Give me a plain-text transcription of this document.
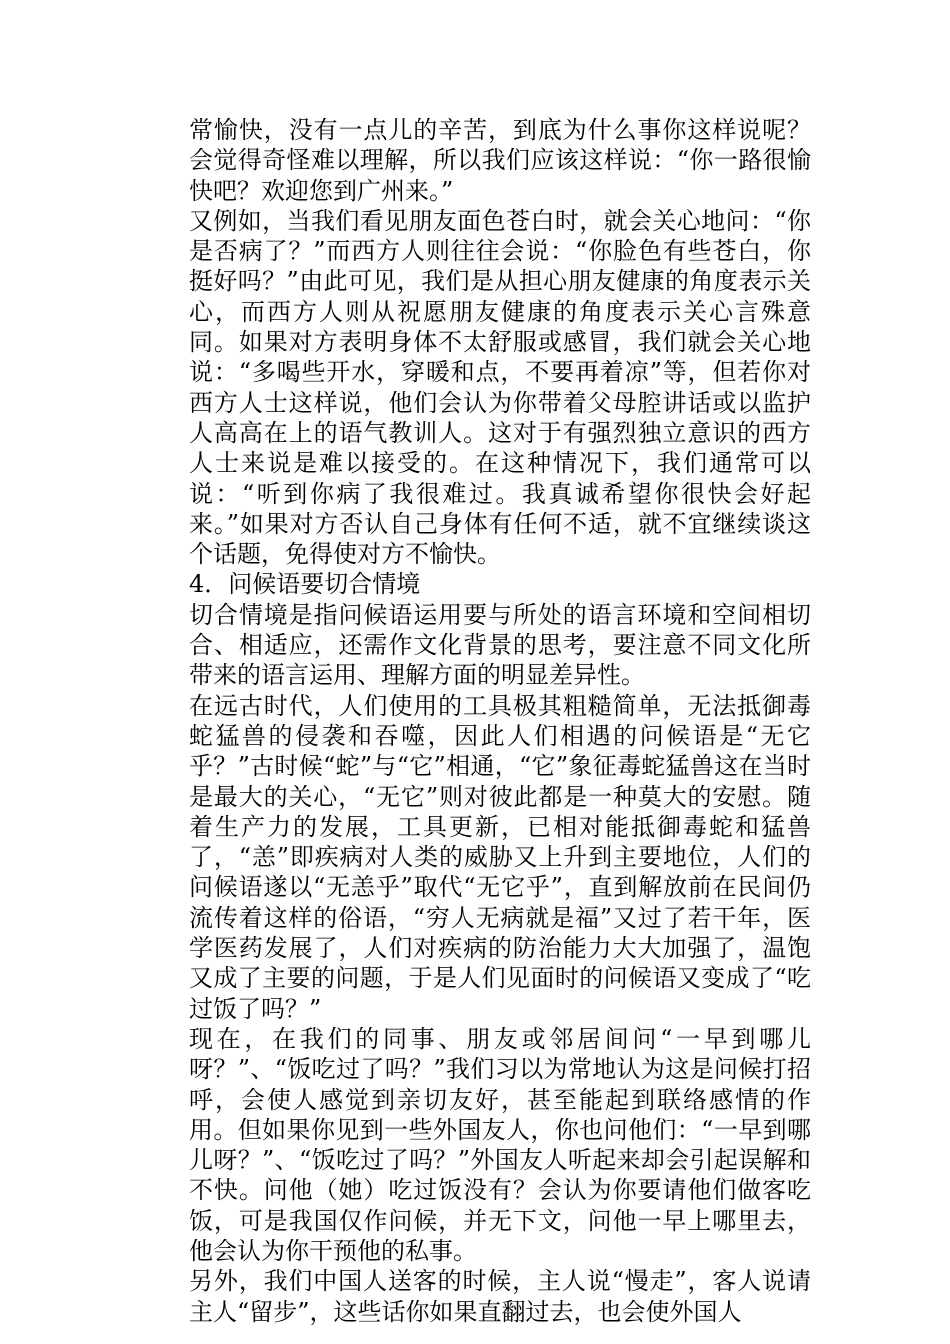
常愉快，没有一点儿的辛苦，到底为什么事你这样说呢？会觉得奇怪难以理解，所以我们应该这样说：“你一路很愉快吧？欢迎您到广州来。”

又例如，当我们看见朋友面色苍白时，就会关心地问：“你是否病了？”而西方人则往往会说：“你脸色有些苍白，你挺好吗？”由此可见，我们是从担心朋友健康的角度表示关心，而西方人则从祝愿朋友健康的角度表示关心言殊意同。如果对方表明身体不太舒服或感冒，我们就会关心地说：“多喝些开水，穿暖和点，不要再着凉”等，但若你对西方人士这样说，他们会认为你带着父母腔讲话或以监护人高高在上的语气教训人。这对于有强烈独立意识的西方人士来说是难以接受的。在这种情况下，我们通常可以说：“听到你病了我很难过。我真诚希望你很快会好起来。”如果对方否认自己身体有任何不适，就不宜继续谈这个话题，免得使对方不愉快。

4．问候语要切合情境

切合情境是指问候语运用要与所处的语言环境和空间相切合、相适应，还需作文化背景的思考，要注意不同文化所带来的语言运用、理解方面的明显差异性。

在远古时代，人们使用的工具极其粗糙简单，无法抵御毒蛇猛兽的侵袭和吞噬，因此人们相遇的问候语是“无它乎？”古时候“蛇”与“它”相通，“它”象征毒蛇猛兽这在当时是最大的关心，“无它”则对彼此都是一种莫大的安慰。随着生产力的发展，工具更新，已相对能抵御毒蛇和猛兽了，“恙”即疾病对人类的威胁又上升到主要地位，人们的问候语遂以“无恙乎”取代“无它乎”，直到解放前在民间仍流传着这样的俗语，“穷人无病就是福”又过了若干年，医学医药发展了，人们对疾病的防治能力大大加强了，温饱又成了主要的问题，于是人们见面时的问候语又变成了“吃过饭了吗？”

现在，在我们的同事、朋友或邻居间问“一早到哪儿呀？”、“饭吃过了吗？”我们习以为常地认为这是问候打招呼，会使人感觉到亲切友好，甚至能起到联络感情的作用。但如果你见到一些外国友人，你也问他们：“一早到哪儿呀？”、“饭吃过了吗？”外国友人听起来却会引起误解和不快。问他（她）吃过饭没有？会认为你要请他们做客吃饭，可是我国仅作问候，并无下文，问他一早上哪里去，他会认为你干预他的私事。

另外，我们中国人送客的时候，主人说“慢走”，客人说请主人“留步”，这些话你如果直翻过去，也会使外国人
